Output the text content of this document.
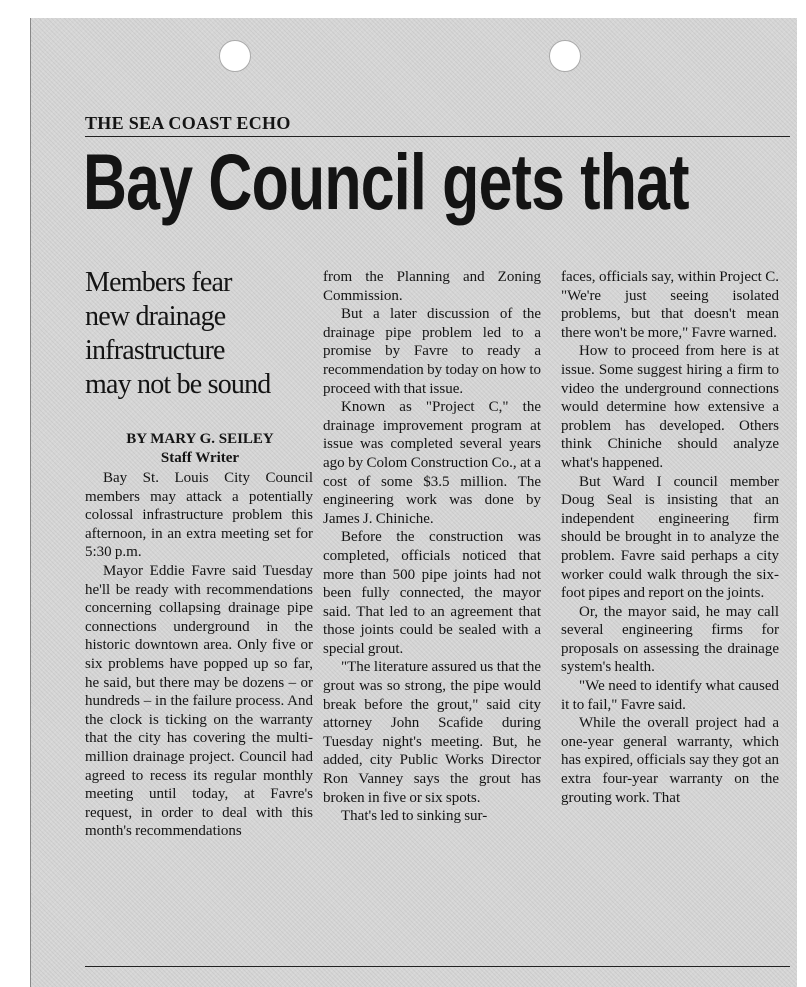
THE SEA COAST ECHO
Bay Council gets that
Members fear
new drainage
infrastructure
may not be sound
BY MARY G. SEILEY
Staff Writer

Bay St. Louis City Council members may attack a potentially colossal infrastructure problem this afternoon, in an extra meeting set for 5:30 p.m.

Mayor Eddie Favre said Tuesday he'll be ready with recommendations concerning collapsing drainage pipe connections underground in the historic downtown area. Only five or six problems have popped up so far, he said, but there may be dozens – or hundreds – in the failure process. And the clock is ticking on the warranty that the city has covering the multi-million drainage project. Council had agreed to recess its regular monthly meeting until today, at Favre's request, in order to deal with this month's recommendations

from the Planning and Zoning Commission.

But a later discussion of the drainage pipe problem led to a promise by Favre to ready a recommendation by today on how to proceed with that issue.

Known as "Project C," the drainage improvement program at issue was completed several years ago by Colom Construction Co., at a cost of some $3.5 million. The engineering work was done by James J. Chiniche.

Before the construction was completed, officials noticed that more than 500 pipe joints had not been fully connected, the mayor said. That led to an agreement that those joints could be sealed with a special grout.

"The literature assured us that the grout was so strong, the pipe would break before the grout," said city attorney John Scafide during Tuesday night's meeting. But, he added, city Public Works Director Ron Vanney says the grout has broken in five or six spots.

That's led to sinking sur-

faces, officials say, within Project C. "We're just seeing isolated problems, but that doesn't mean there won't be more," Favre warned.

How to proceed from here is at issue. Some suggest hiring a firm to video the underground connections would determine how extensive a problem has developed. Others think Chiniche should analyze what's happened.

But Ward I council member Doug Seal is insisting that an independent engineering firm should be brought in to analyze the problem. Favre said perhaps a city worker could walk through the six-foot pipes and report on the joints.

Or, the mayor said, he may call several engineering firms for proposals on assessing the drainage system's health.

"We need to identify what caused it to fail," Favre said.

While the overall project had a one-year general warranty, which has expired, officials say they got an extra four-year warranty on the grouting work. That
